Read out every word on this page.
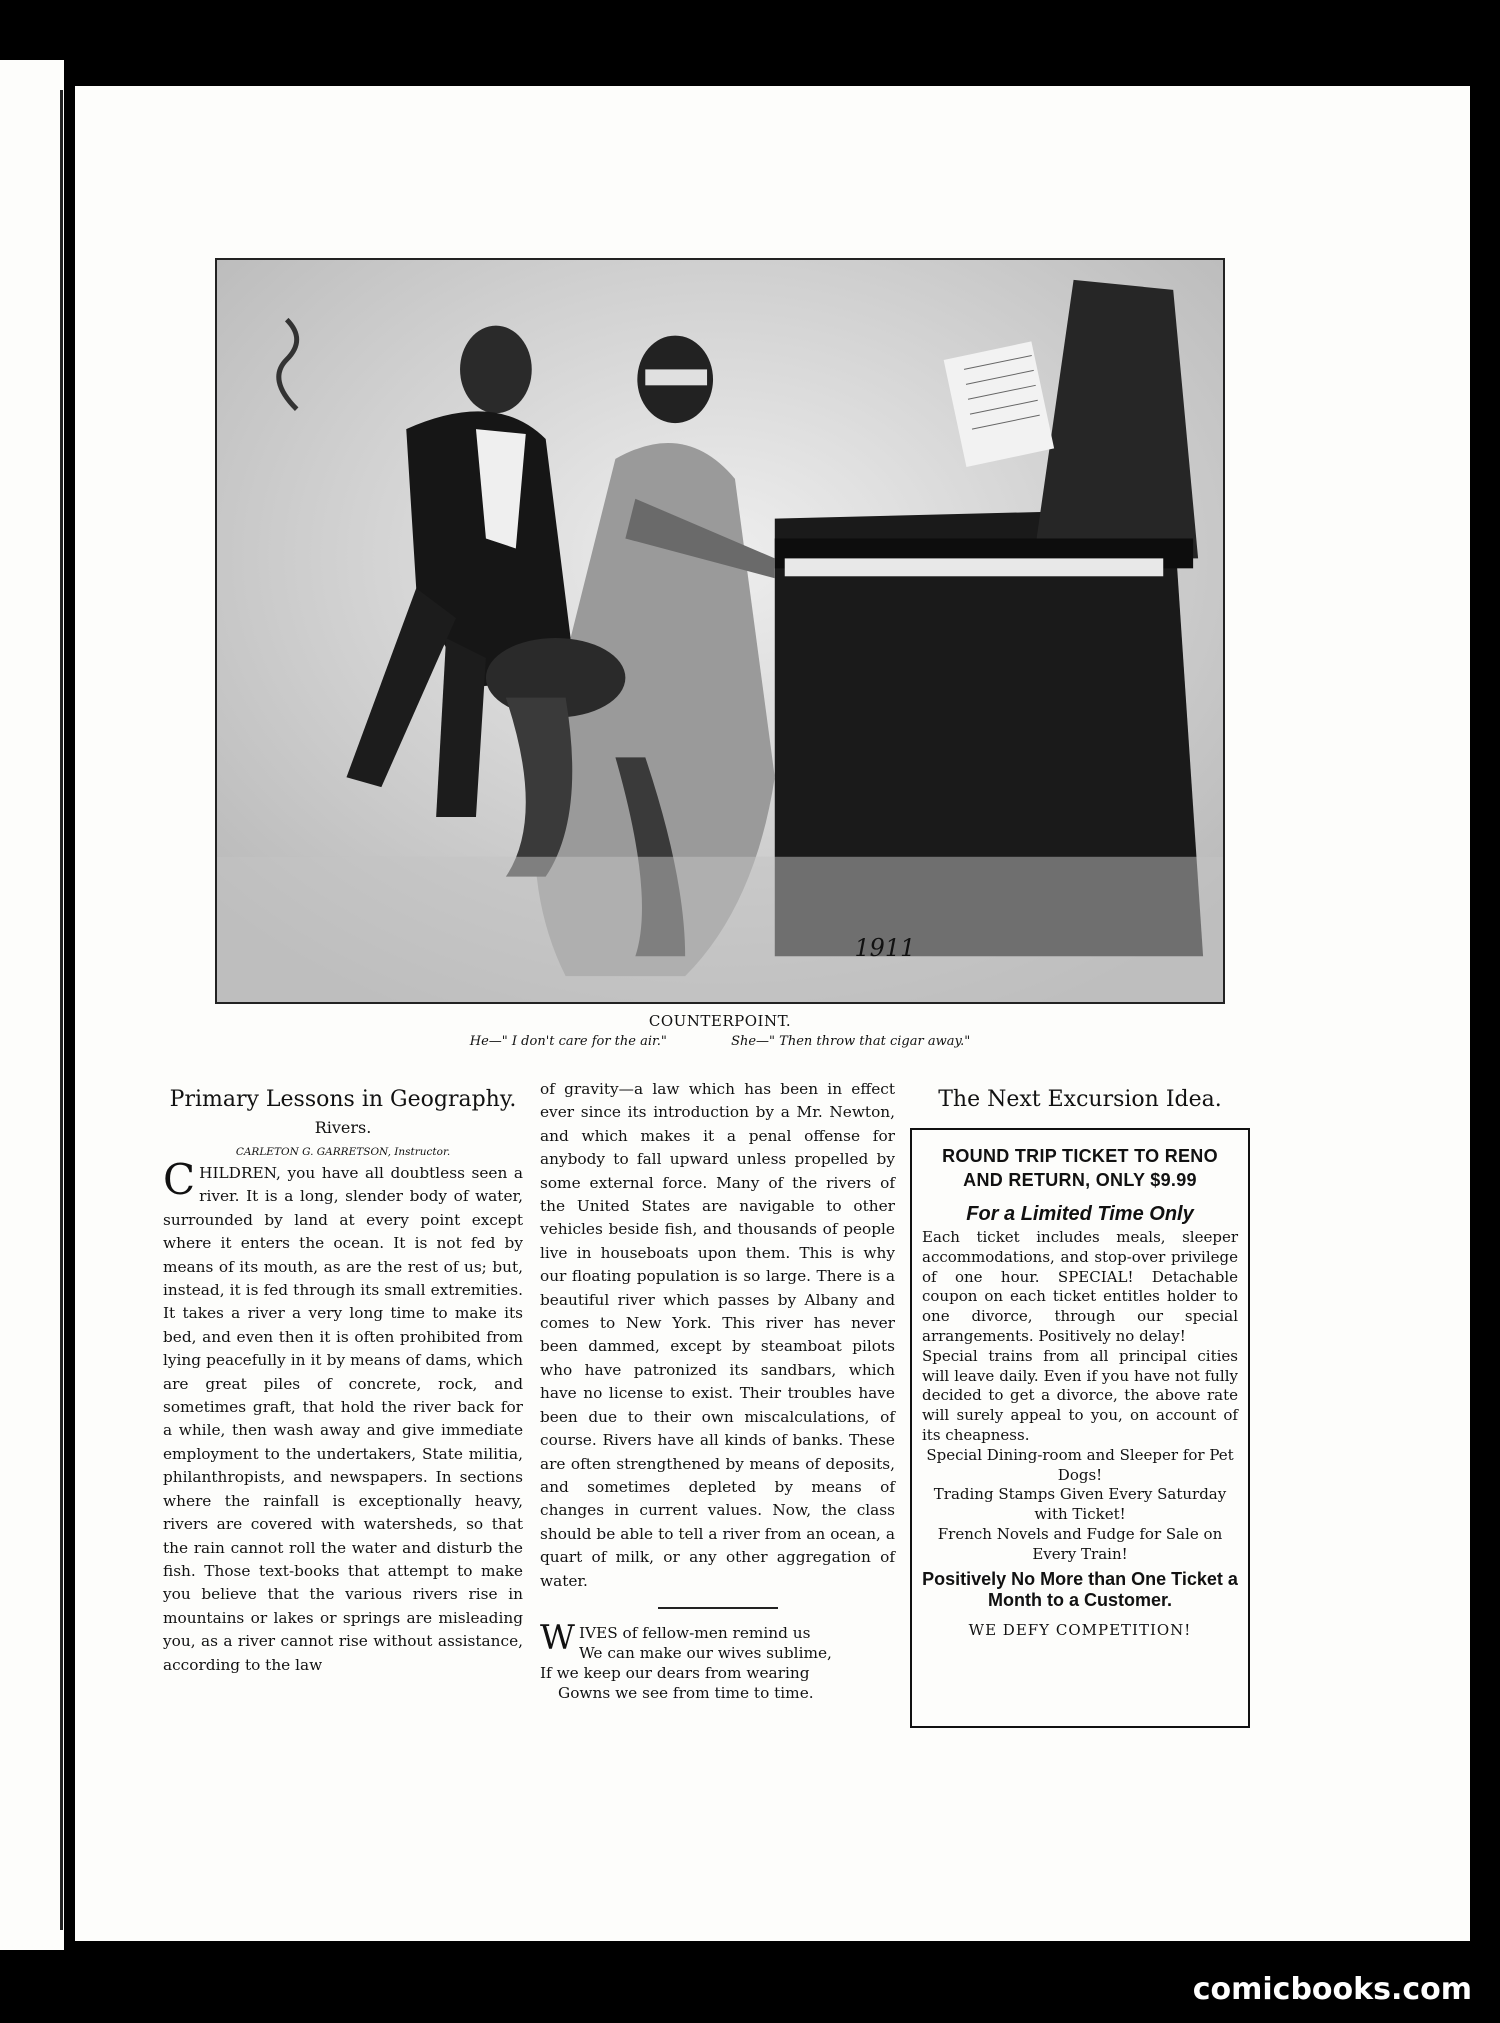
1911
COUNTERPOINT.
He—" I don't care for the air."	She—" Then throw that cigar away."
Primary Lessons in Geography.
Rivers.
CARLETON G. GARRETSON, Instructor.

CHILDREN, you have all doubtless seen a river. It is a long, slender body of water, surrounded by land at every point except where it enters the ocean. It is not fed by means of its mouth, as are the rest of us; but, instead, it is fed through its small extremities. It takes a river a very long time to make its bed, and even then it is often prohibited from lying peacefully in it by means of dams, which are great piles of concrete, rock, and sometimes graft, that hold the river back for a while, then wash away and give immediate employment to the undertakers, State militia, philanthropists, and newspapers. In sections where the rainfall is exceptionally heavy, rivers are covered with watersheds, so that the rain cannot roll the water and disturb the fish. Those text-books that attempt to make you believe that the various rivers rise in mountains or lakes or springs are misleading you, as a river cannot rise without assistance, according to the law

of gravity—a law which has been in effect ever since its introduction by a Mr. Newton, and which makes it a penal offense for anybody to fall upward unless propelled by some external force. Many of the rivers of the United States are navigable to other vehicles beside fish, and thousands of people live in houseboats upon them. This is why our floating population is so large. There is a beautiful river which passes by Albany and comes to New York. This river has never been dammed, except by steamboat pilots who have patronized its sandbars, which have no license to exist. Their troubles have been due to their own miscalculations, of course. Rivers have all kinds of banks. These are often strengthened by means of deposits, and sometimes depleted by means of changes in current values. Now, the class should be able to tell a river from an ocean, a quart of milk, or any other aggregation of water.

W IVES of fellow-men remind us
We can make our wives sublime,
If we keep our dears from wearing
Gowns we see from time to time.
The Next Excursion Idea.
ROUND TRIP TICKET TO RENO AND RETURN, ONLY $9.99
For a Limited Time Only
Each ticket includes meals, sleeper accommodations, and stop-over privilege of one hour. SPECIAL! Detachable coupon on each ticket entitles holder to one divorce, through our special arrangements. Positively no delay!
Special trains from all principal cities will leave daily. Even if you have not fully decided to get a divorce, the above rate will surely appeal to you, on account of its cheapness.
Special Dining-room and Sleeper for Pet Dogs!
Trading Stamps Given Every Saturday with Ticket!
French Novels and Fudge for Sale on Every Train!
Positively No More than One Ticket a Month to a Customer.
WE DEFY COMPETITION!
comicbooks.com
